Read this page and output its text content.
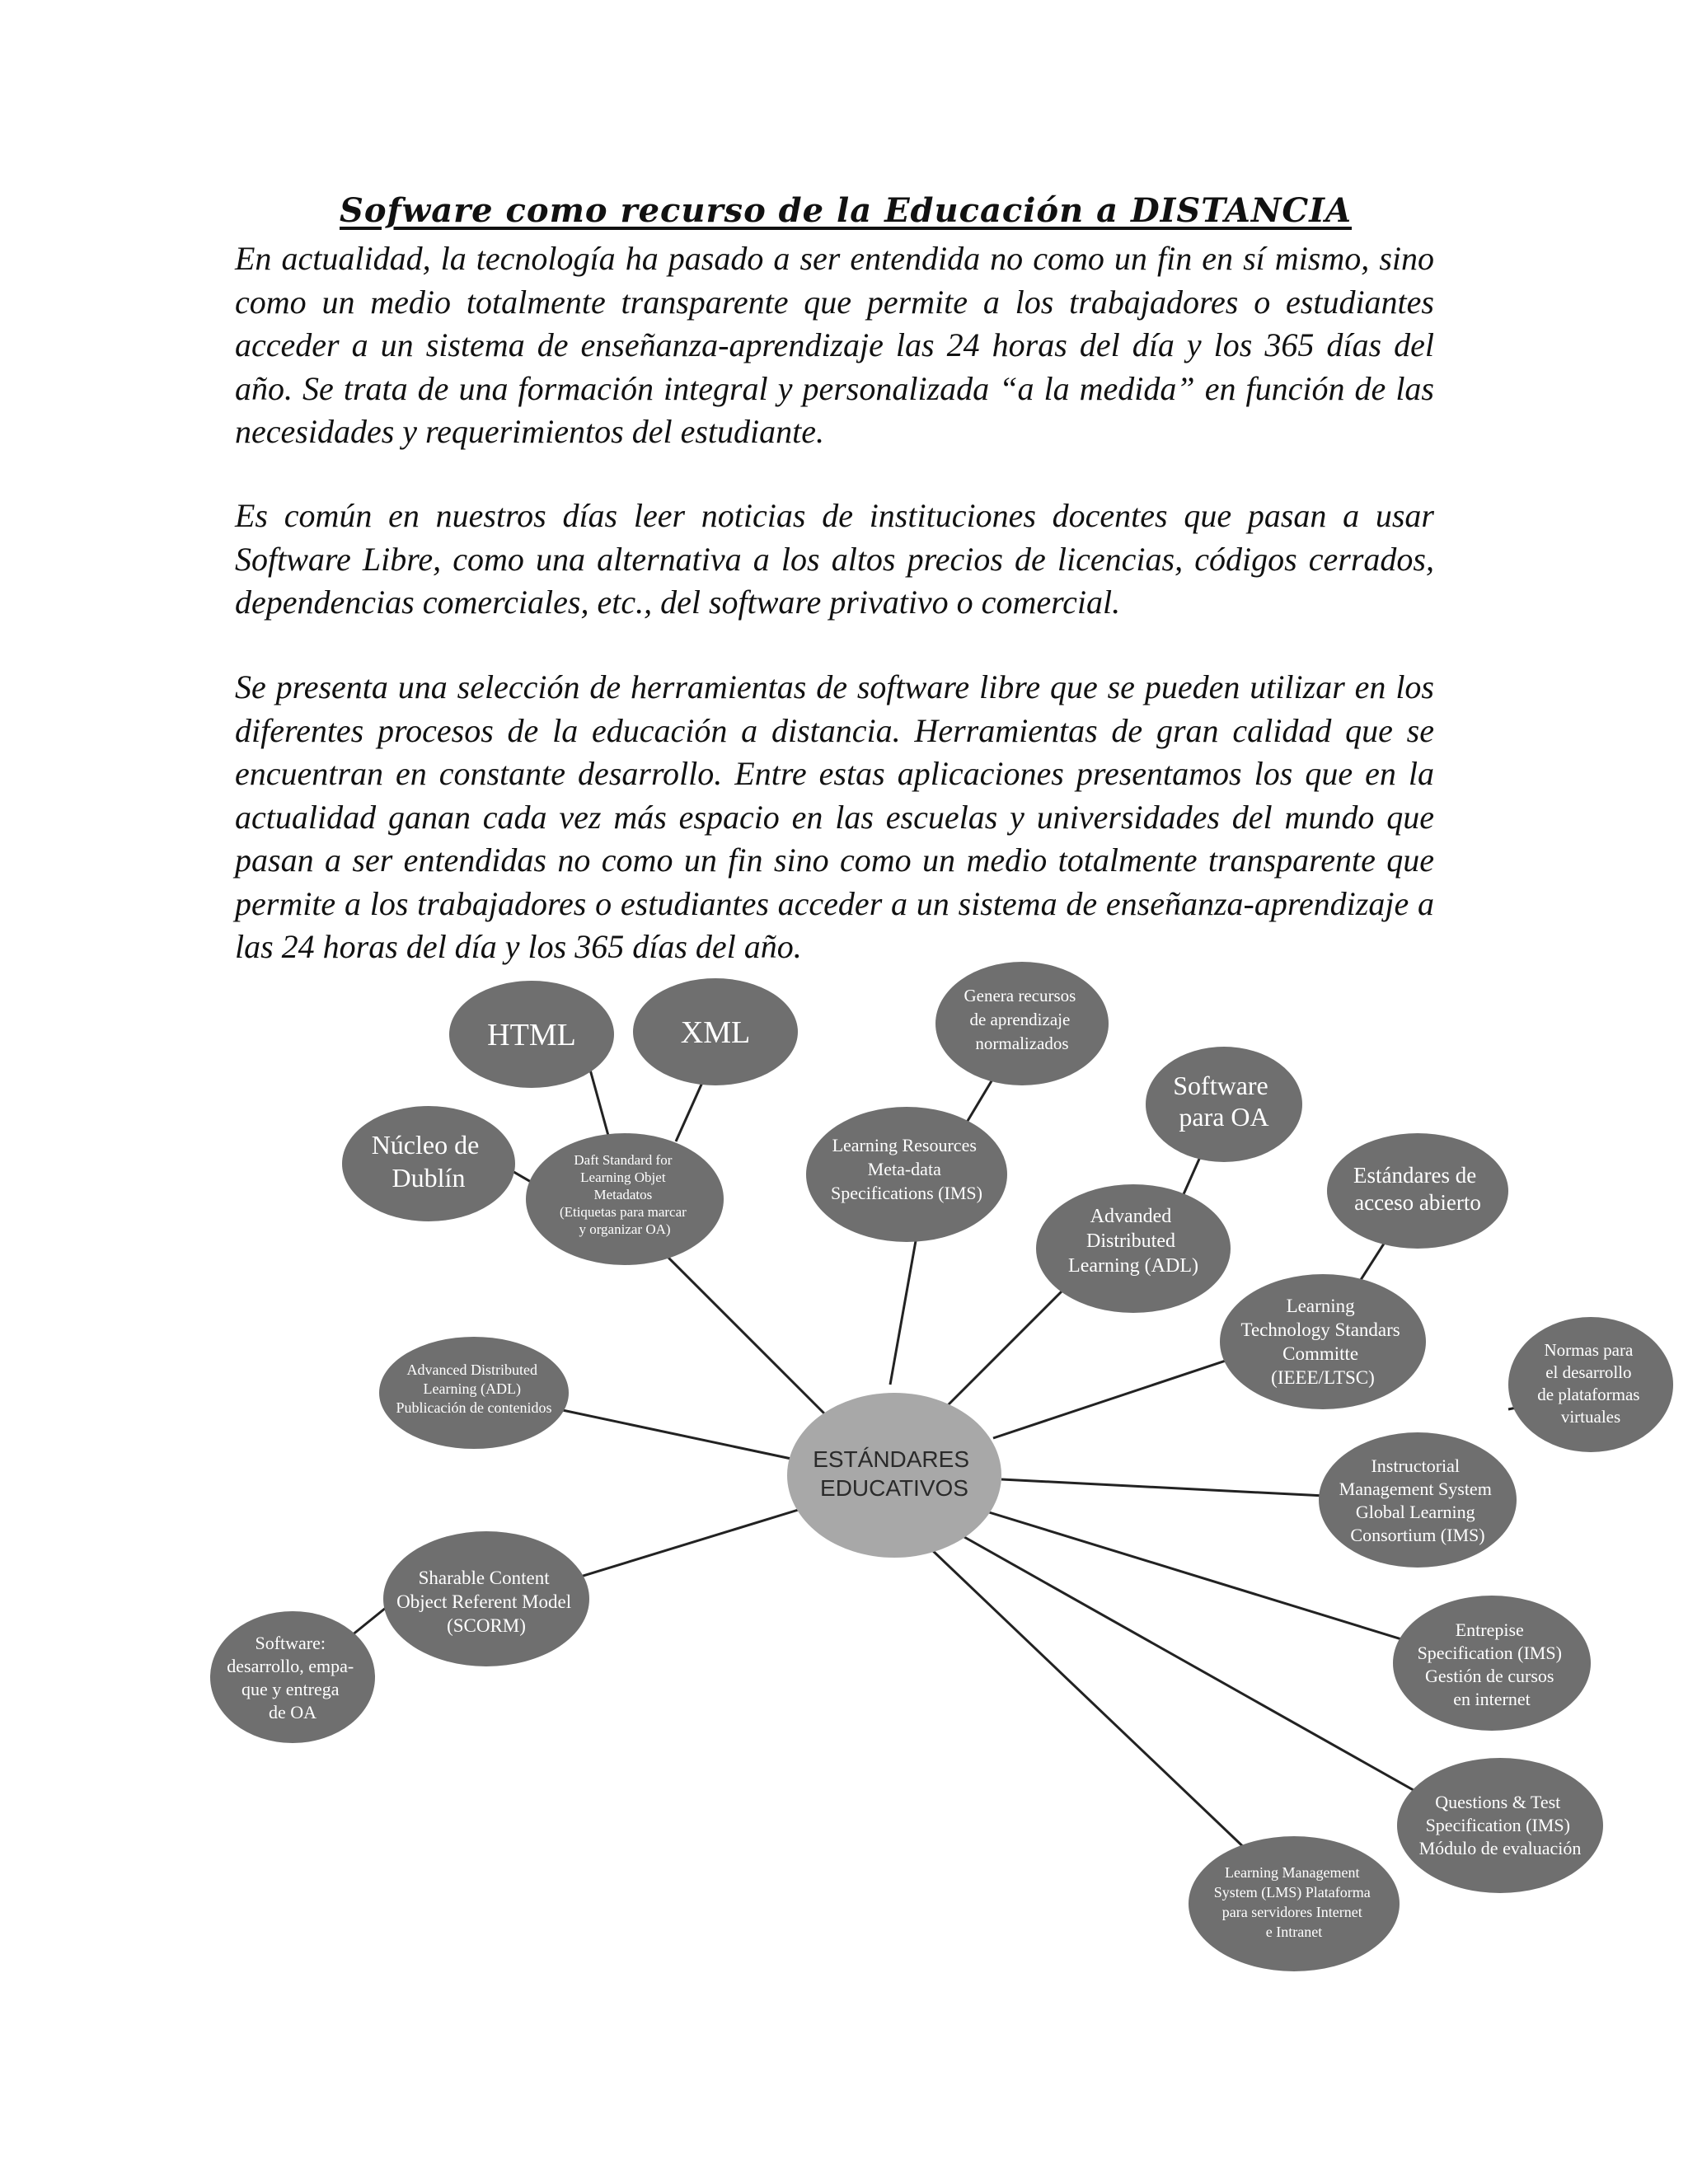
Sofware como recurso de la Educación a DISTANCIA

En actualidad, la tecnología ha pasado a ser entendida no como un fin en sí mismo, sino como un medio totalmente transparente que permite a los trabajadores o estudiantes acceder a un sistema de enseñanza-aprendizaje las 24 horas del día y los 365 días del año. Se trata de una formación integral y personalizada “a la medida” en función de las necesidades y requerimientos del estudiante.

Es común en nuestros días leer noticias de instituciones docentes que pasan a usar Software Libre, como una alternativa a los altos precios de licencias, códigos cerrados, dependencias comerciales, etc., del software privativo o comercial.

Se presenta una selección de herramientas de software libre que se pueden utilizar en los diferentes procesos de la educación a distancia. Herramientas de gran calidad que se encuentran en constante desarrollo. Entre estas aplicaciones presentamos los que en la actualidad ganan cada vez más espacio en las escuelas y universidades del mundo que pasan a ser entendidas no como un fin sino como un medio totalmente transparente que permite a los trabajadores o estudiantes acceder a un sistema de enseñanza-aprendizaje a las 24 horas del día y los 365 días del año.

HTML	XML
Núcleo de Dublín
Daft Standard for Learning Objet Metadatos (Etiquetas para marcar y organizar OA)
Genera recursos de aprendizaje normalizados
Learning Resources Meta-data Specifications (IMS)
Software para OA
Advanded Distributed Learning (ADL)
Estándares de acceso abierto
Learning Technology Standars Committe (IEEE/LTSC)
Normas para el desarrollo de plataformas virtuales
Advanced Distributed Learning (ADL) Publicación de contenidos
ESTÁNDARES EDUCATIVOS
Instructorial Management System Global Learning Consortium (IMS)
Sharable Content Object Referent Model (SCORM)
Software: desarrollo, empa- que y entrega de OA
Entrepise Specification (IMS) Gestión de cursos en internet
Questions & Test Specification (IMS) Módulo de evaluación
Learning Management System (LMS) Plataforma para servidores Internet e Intranet
